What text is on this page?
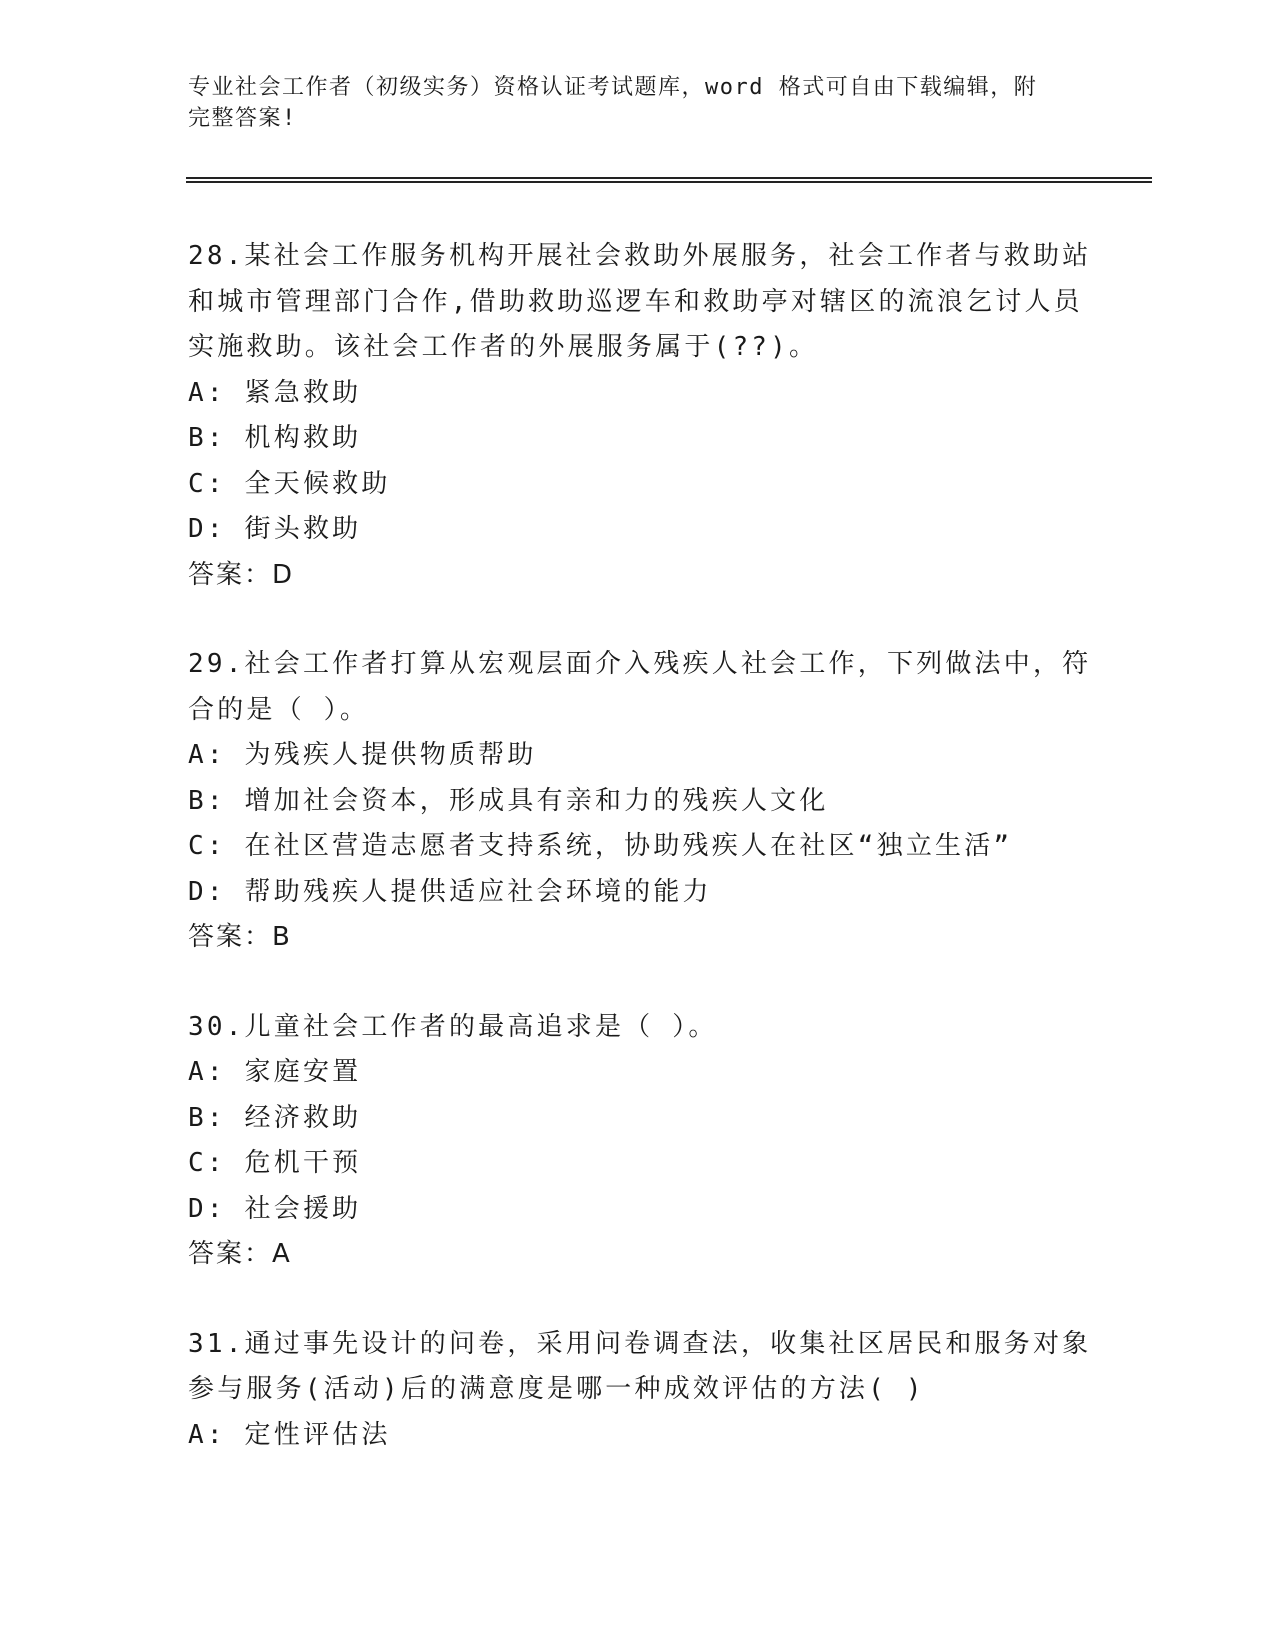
专业社会工作者（初级实务）资格认证考试题库，word 格式可自由下载编辑，附
完整答案!
28.某社会工作服务机构开展社会救助外展服务，社会工作者与救助站
和城市管理部门合作,借助救助巡逻车和救助亭对辖区的流浪乞讨人员
实施救助。该社会工作者的外展服务属于(??)。
A: 紧急救助
B: 机构救助
C: 全天候救助
D: 街头救助
答案：D
29.社会工作者打算从宏观层面介入残疾人社会工作，下列做法中，符
合的是（ ）。
A: 为残疾人提供物质帮助
B: 增加社会资本，形成具有亲和力的残疾人文化
C: 在社区营造志愿者支持系统，协助残疾人在社区“独立生活”
D: 帮助残疾人提供适应社会环境的能力
答案：B
30.儿童社会工作者的最高追求是（ ）。
A: 家庭安置
B: 经济救助
C: 危机干预
D: 社会援助
答案：A
31.通过事先设计的问卷，采用问卷调查法，收集社区居民和服务对象
参与服务(活动)后的满意度是哪一种成效评估的方法( )
A: 定性评估法
